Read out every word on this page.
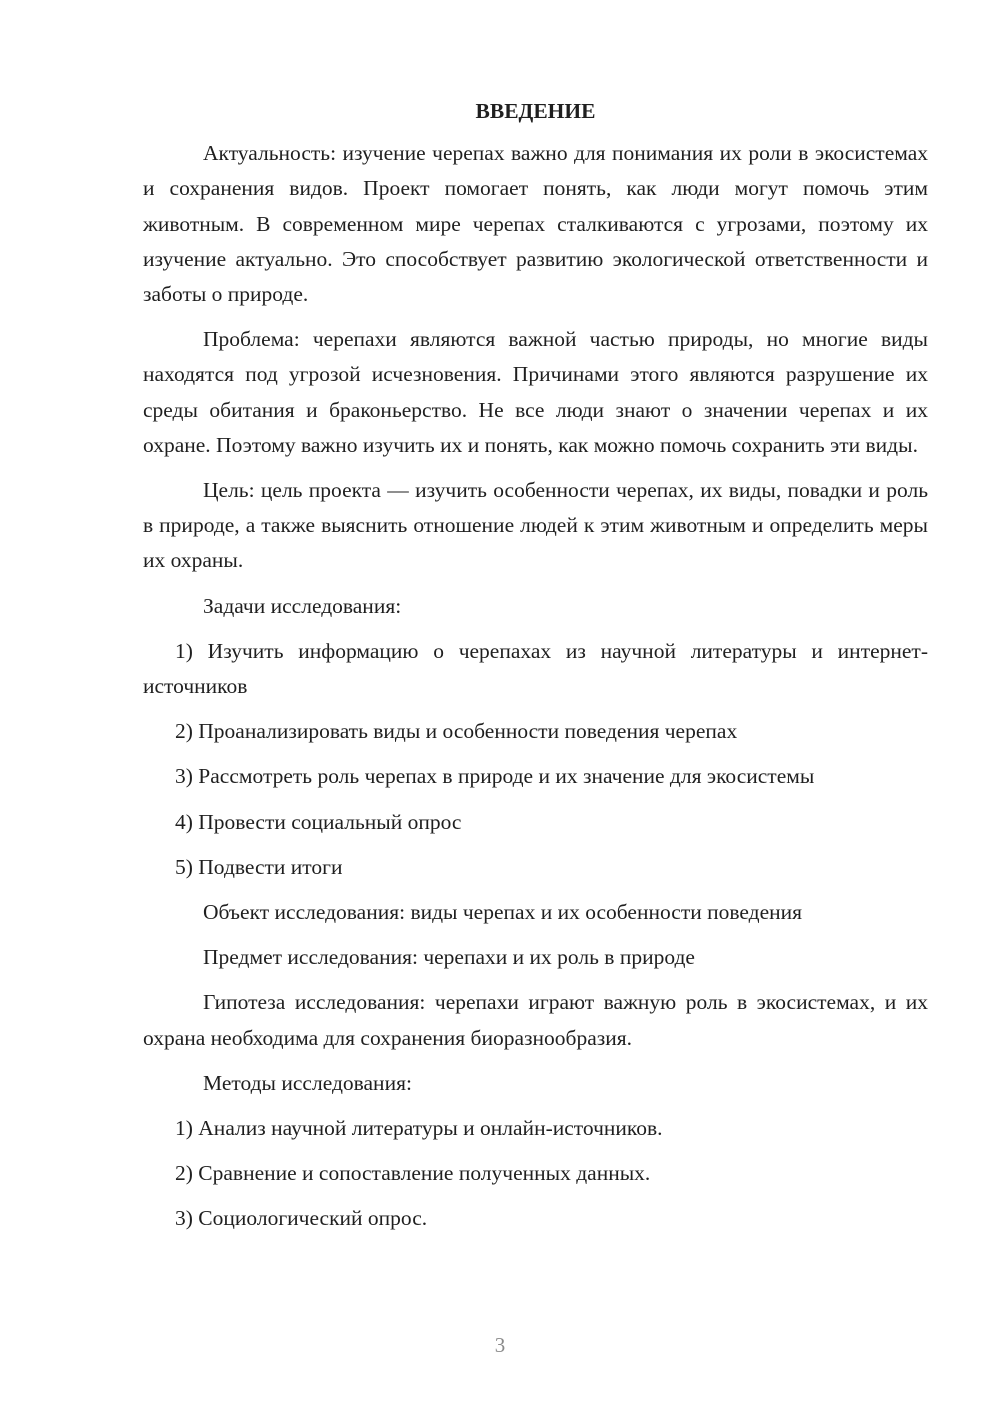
ВВЕДЕНИЕ

Актуальность: изучение черепах важно для понимания их роли в экосистемах и сохранения видов. Проект помогает понять, как люди могут помочь этим животным. В современном мире черепах сталкиваются с угрозами, поэтому их изучение актуально. Это способствует развитию экологической ответственности и заботы о природе.

Проблема: черепахи являются важной частью природы, но многие виды находятся под угрозой исчезновения. Причинами этого являются разрушение их среды обитания и браконьерство. Не все люди знают о значении черепах и их охране. Поэтому важно изучить их и понять, как можно помочь сохранить эти виды.

Цель: цель проекта — изучить особенности черепах, их виды, повадки и роль в природе, а также выяснить отношение людей к этим животным и определить меры их охраны.

Задачи исследования:

1) Изучить информацию о черепахах из научной литературы и интернет-источников

2) Проанализировать виды и особенности поведения черепах

3) Рассмотреть роль черепах в природе и их значение для экосистемы

4) Провести социальный опрос

5) Подвести итоги

Объект исследования: виды черепах и их особенности поведения

Предмет исследования: черепахи и их роль в природе

Гипотеза исследования: черепахи играют важную роль в экосистемах, и их охрана необходима для сохранения биоразнообразия.

Методы исследования:

1) Анализ научной литературы и онлайн-источников.

2) Сравнение и сопоставление полученных данных.

3) Социологический опрос.

3
